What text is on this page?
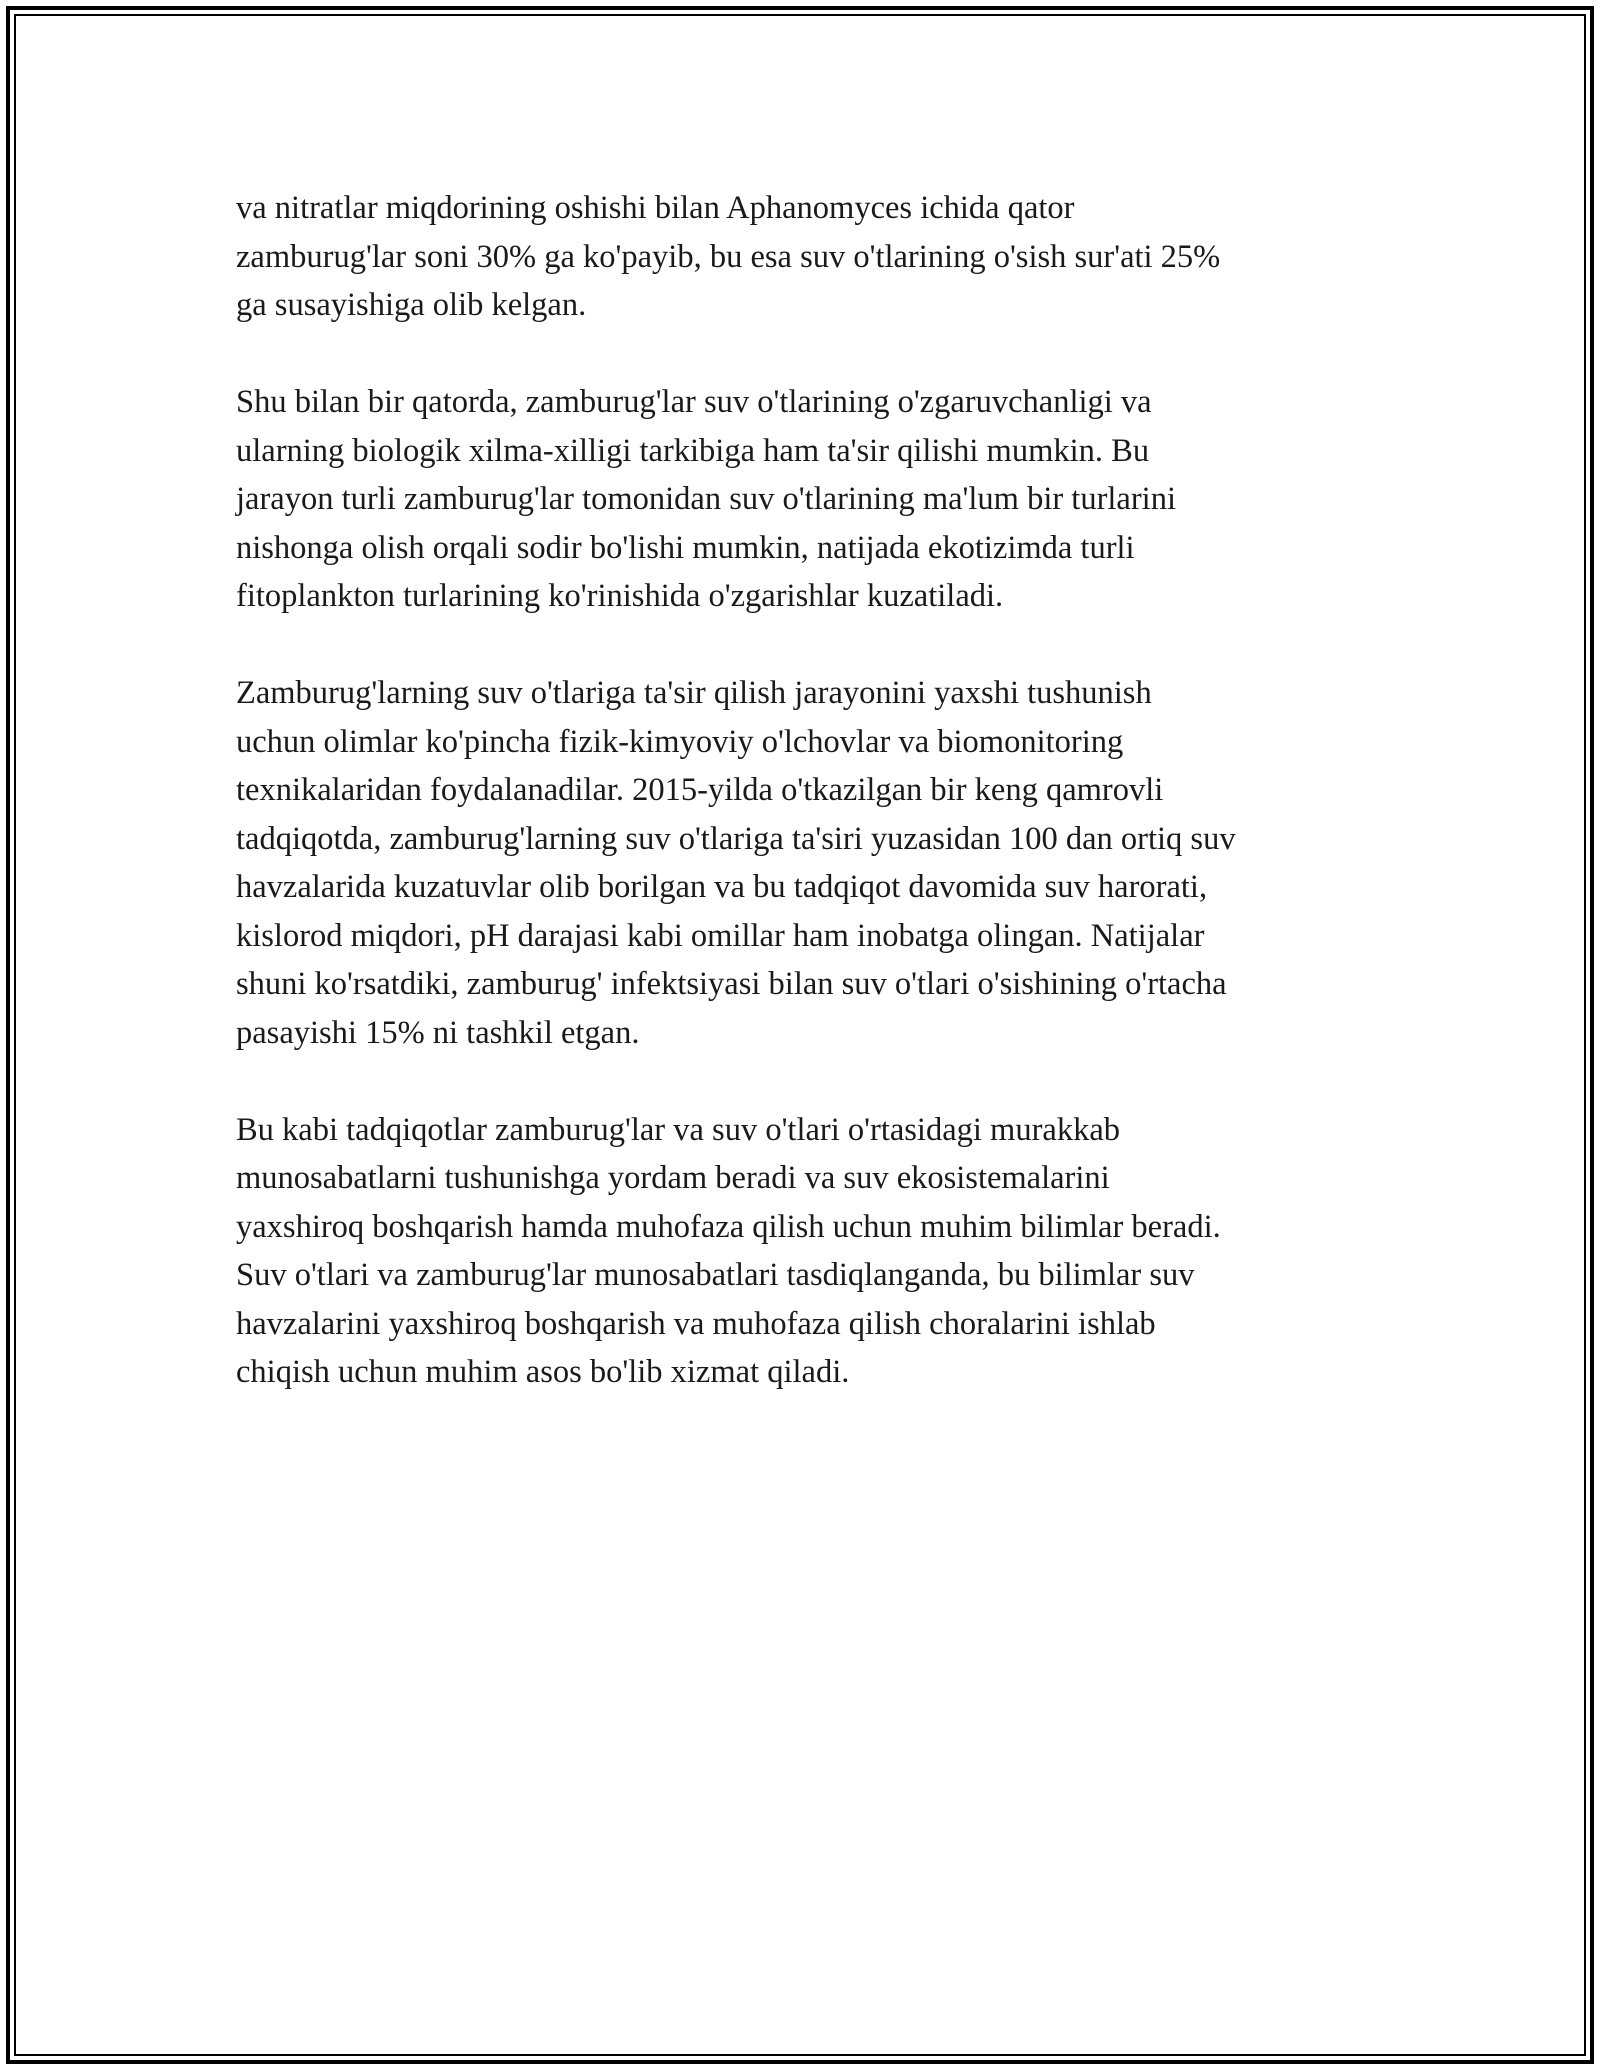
va nitratlar miqdorining oshishi bilan Aphanomyces ichida qator
zamburug'lar soni 30% ga ko'payib, bu esa suv o'tlarining o'sish sur'ati 25%
ga susayishiga olib kelgan.

Shu bilan bir qatorda, zamburug'lar suv o'tlarining o'zgaruvchanligi va
ularning biologik xilma-xilligi tarkibiga ham ta'sir qilishi mumkin. Bu
jarayon turli zamburug'lar tomonidan suv o'tlarining ma'lum bir turlarini
nishonga olish orqali sodir bo'lishi mumkin, natijada ekotizimda turli
fitoplankton turlarining ko'rinishida o'zgarishlar kuzatiladi.

Zamburug'larning suv o'tlariga ta'sir qilish jarayonini yaxshi tushunish
uchun olimlar ko'pincha fizik-kimyoviy o'lchovlar va biomonitoring
texnikalaridan foydalanadilar. 2015-yilda o'tkazilgan bir keng qamrovli
tadqiqotda, zamburug'larning suv o'tlariga ta'siri yuzasidan 100 dan ortiq suv
havzalarida kuzatuvlar olib borilgan va bu tadqiqot davomida suv harorati,
kislorod miqdori, pH darajasi kabi omillar ham inobatga olingan. Natijalar
shuni ko'rsatdiki, zamburug' infektsiyasi bilan suv o'tlari o'sishining o'rtacha
pasayishi 15% ni tashkil etgan.

Bu kabi tadqiqotlar zamburug'lar va suv o'tlari o'rtasidagi murakkab
munosabatlarni tushunishga yordam beradi va suv ekosistemalarini
yaxshiroq boshqarish hamda muhofaza qilish uchun muhim bilimlar beradi.
Suv o'tlari va zamburug'lar munosabatlari tasdiqlanganda, bu bilimlar suv
havzalarini yaxshiroq boshqarish va muhofaza qilish choralarini ishlab
chiqish uchun muhim asos bo'lib xizmat qiladi.
